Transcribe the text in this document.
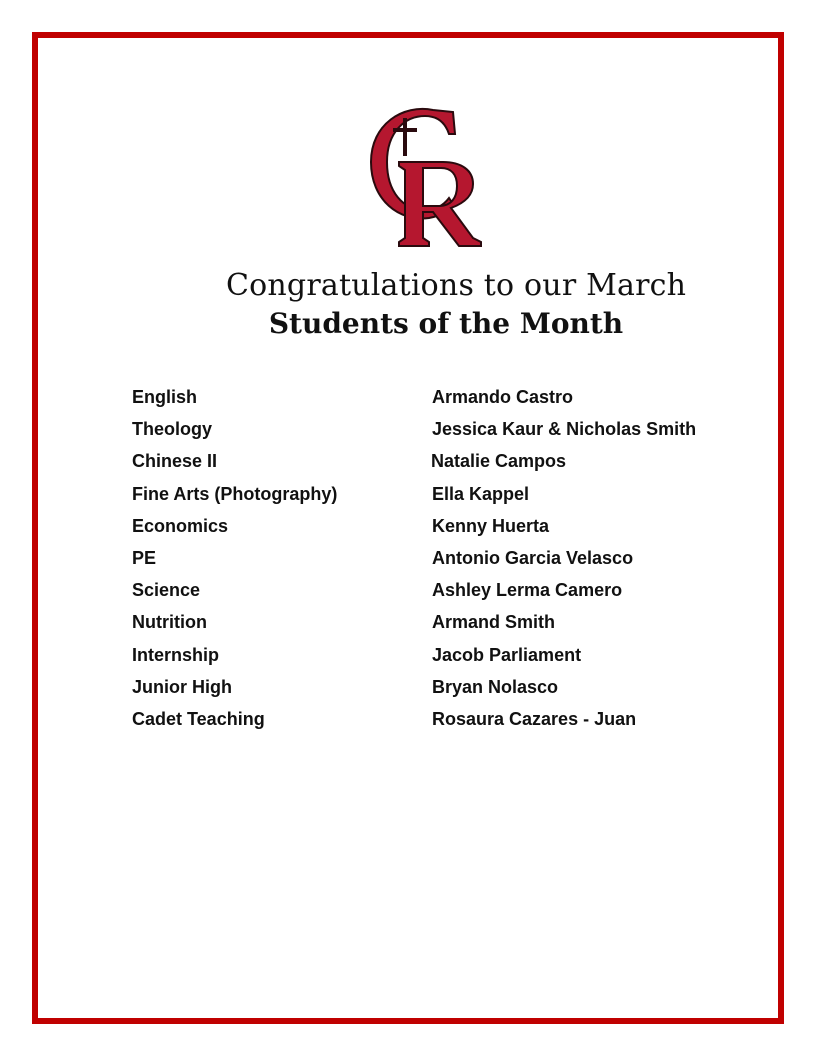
Congratulations to our March
Students of the Month
English	Armando Castro
Theology	Jessica Kaur & Nicholas Smith
Chinese II	Natalie Campos
Fine Arts (Photography)	Ella Kappel
Economics	Kenny Huerta
PE	Antonio Garcia Velasco
Science	Ashley Lerma Camero
Nutrition	Armand Smith
Internship	Jacob Parliament
Junior High	Bryan Nolasco
Cadet Teaching	Rosaura Cazares - Juan
